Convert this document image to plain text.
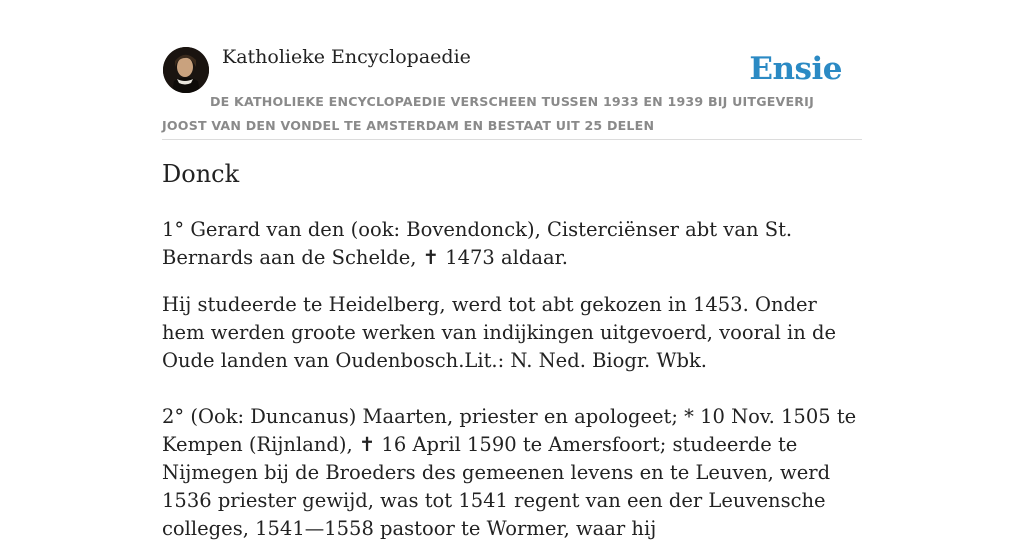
Katholieke Encyclopaedie	Ensie
DE KATHOLIEKE ENCYCLOPAEDIE VERSCHEEN TUSSEN 1933 EN 1939 BIJ UITGEVERIJ JOOST VAN DEN VONDEL TE AMSTERDAM EN BESTAAT UIT 25 DELEN
Donck

1° Gerard van den (ook: Bovendonck), Cisterciënser abt van St. Bernards aan de Schelde, ✝ 1473 aldaar.

Hij studeerde te Heidelberg, werd tot abt gekozen in 1453. Onder hem werden groote werken van indijkingen uitgevoerd, vooral in de Oude landen van Oudenbosch.Lit.: N. Ned. Biogr. Wbk.

2° (Ook: Duncanus) Maarten, priester en apologeet; * 10 Nov. 1505 te Kempen (Rijnland), ✝ 16 April 1590 te Amersfoort; studeerde te Nijmegen bij de Broeders des gemeenen levens en te Leuven, werd 1536 priester gewijd, was tot 1541 regent van een der Leuvensche colleges, 1541—1558 pastoor te Wormer, waar hij
